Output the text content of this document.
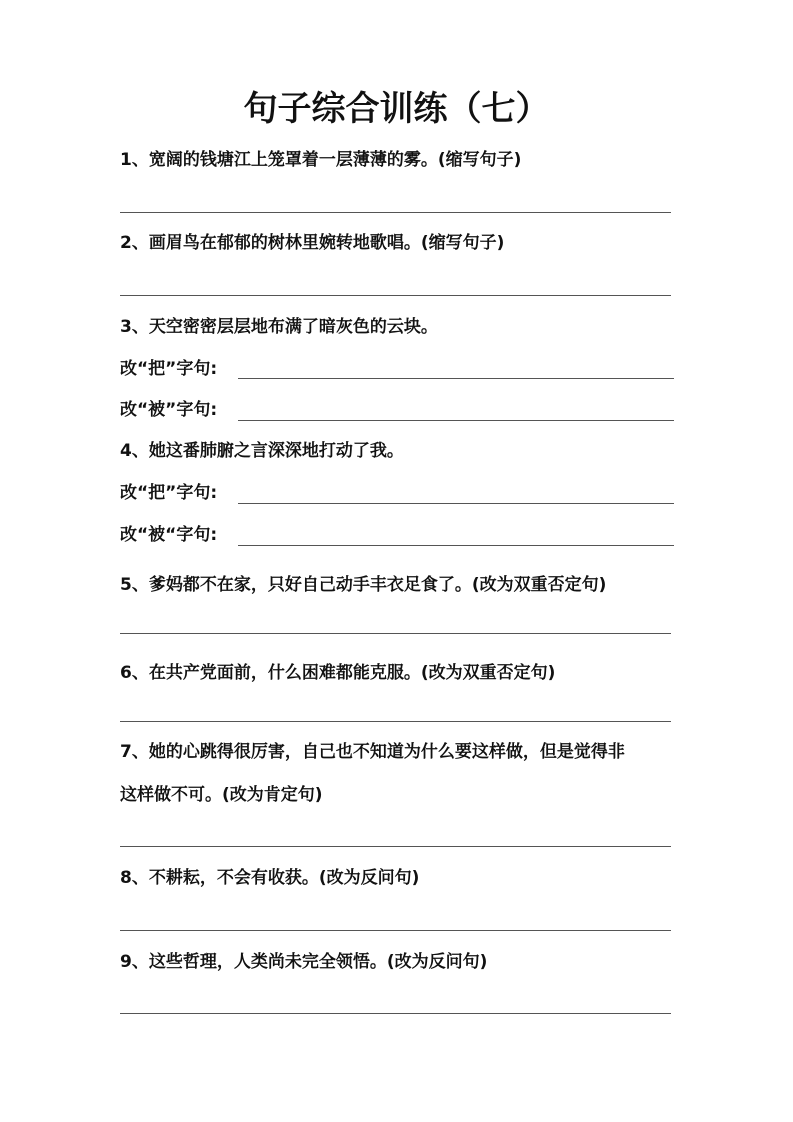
句子综合训练（七）
1、宽阔的钱塘江上笼罩着一层薄薄的雾。(缩写句子)
2、画眉鸟在郁郁的树林里婉转地歌唱。(缩写句子)
3、天空密密层层地布满了暗灰色的云块。
改“把”字句:
改“被”字句:
4、她这番肺腑之言深深地打动了我。
改“把”字句:
改“被“字句:
5、爹妈都不在家，只好自己动手丰衣足食了。(改为双重否定句)
6、在共产党面前，什么困难都能克服。(改为双重否定句)
7、她的心跳得很厉害，自己也不知道为什么要这样做，但是觉得非
这样做不可。(改为肯定句)
8、不耕耘，不会有收获。(改为反问句)
9、这些哲理，人类尚未完全领悟。(改为反问句)
